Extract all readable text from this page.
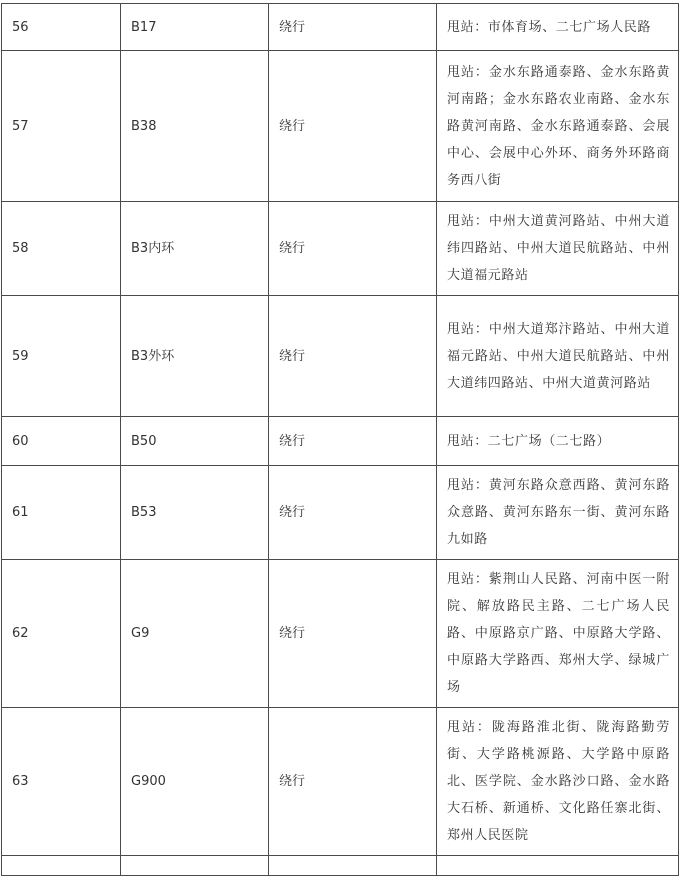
56	B17	绕行	甩站：市体育场、二七广场人民路
57	B38	绕行	甩站：金水东路通泰路、金水东路黄河南路；金水东路农业南路、金水东路黄河南路、金水东路通泰路、会展中心、会展中心外环、商务外环路商务西八街
58	B3内环	绕行	甩站：中州大道黄河路站、中州大道纬四路站、中州大道民航路站、中州大道福元路站
59	B3外环	绕行	甩站：中州大道郑汴路站、中州大道福元路站、中州大道民航路站、中州大道纬四路站、中州大道黄河路站
60	B50	绕行	甩站：二七广场（二七路）
61	B53	绕行	甩站：黄河东路众意西路、黄河东路众意路、黄河东路东一街、黄河东路九如路
62	G9	绕行	甩站：紫荆山人民路、河南中医一附院、解放路民主路、二七广场人民路、中原路京广路、中原路大学路、中原路大学路西、郑州大学、绿城广场
63	G900	绕行	甩站：陇海路淮北街、陇海路勤劳街、大学路桃源路、大学路中原路北、医学院、金水路沙口路、金水路大石桥、新通桥、文化路任寨北街、郑州人民医院
